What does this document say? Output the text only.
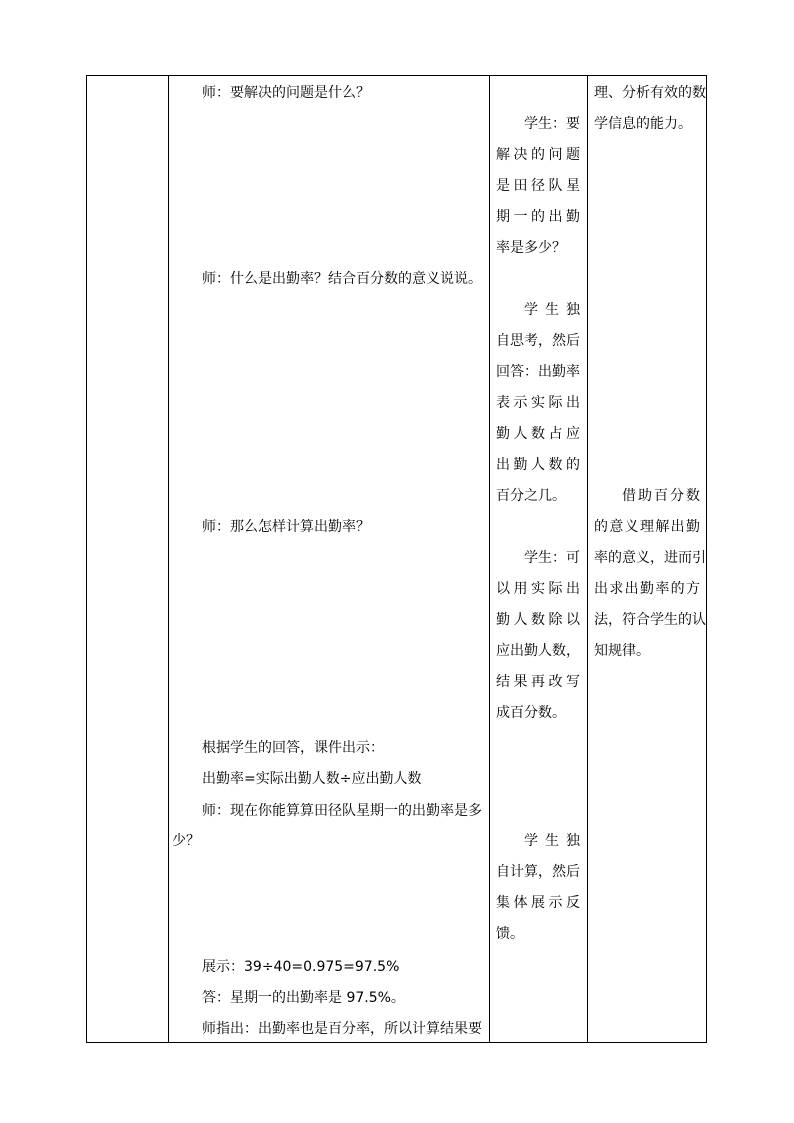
师：要解决的问题是什么？
师：什么是出勤率？结合百分数的意义说说。
师：那么怎样计算出勤率？
根据学生的回答，课件出示：
出勤率=实际出勤人数÷应出勤人数
师：现在你能算算田径队星期一的出勤率是多
少？
展示：39÷40=0.975=97.5%
答：星期一的出勤率是 97.5%。
师指出：出勤率也是百分率，所以计算结果要
学 生 ： 要
解 决 的 问 题
是 田 径 队 星
期 一 的 出 勤
率是多少？
学 生 独
自思考，然后
回答：出勤率
表 示 实 际 出
勤 人 数 占 应
出 勤 人 数 的
百分之几。
学 生 ： 可
以 用 实 际 出
勤 人 数 除 以
应出勤人数，
结 果 再 改 写
成百分数。
学 生 独
自计算，然后
集 体 展 示 反
馈。
理、分析有效的数
学信息的能力。
借 助 百 分 数
的 意 义 理 解 出 勤
率的意义，进而引
出 求 出 勤 率 的 方
法，符合学生的认
知规律。
